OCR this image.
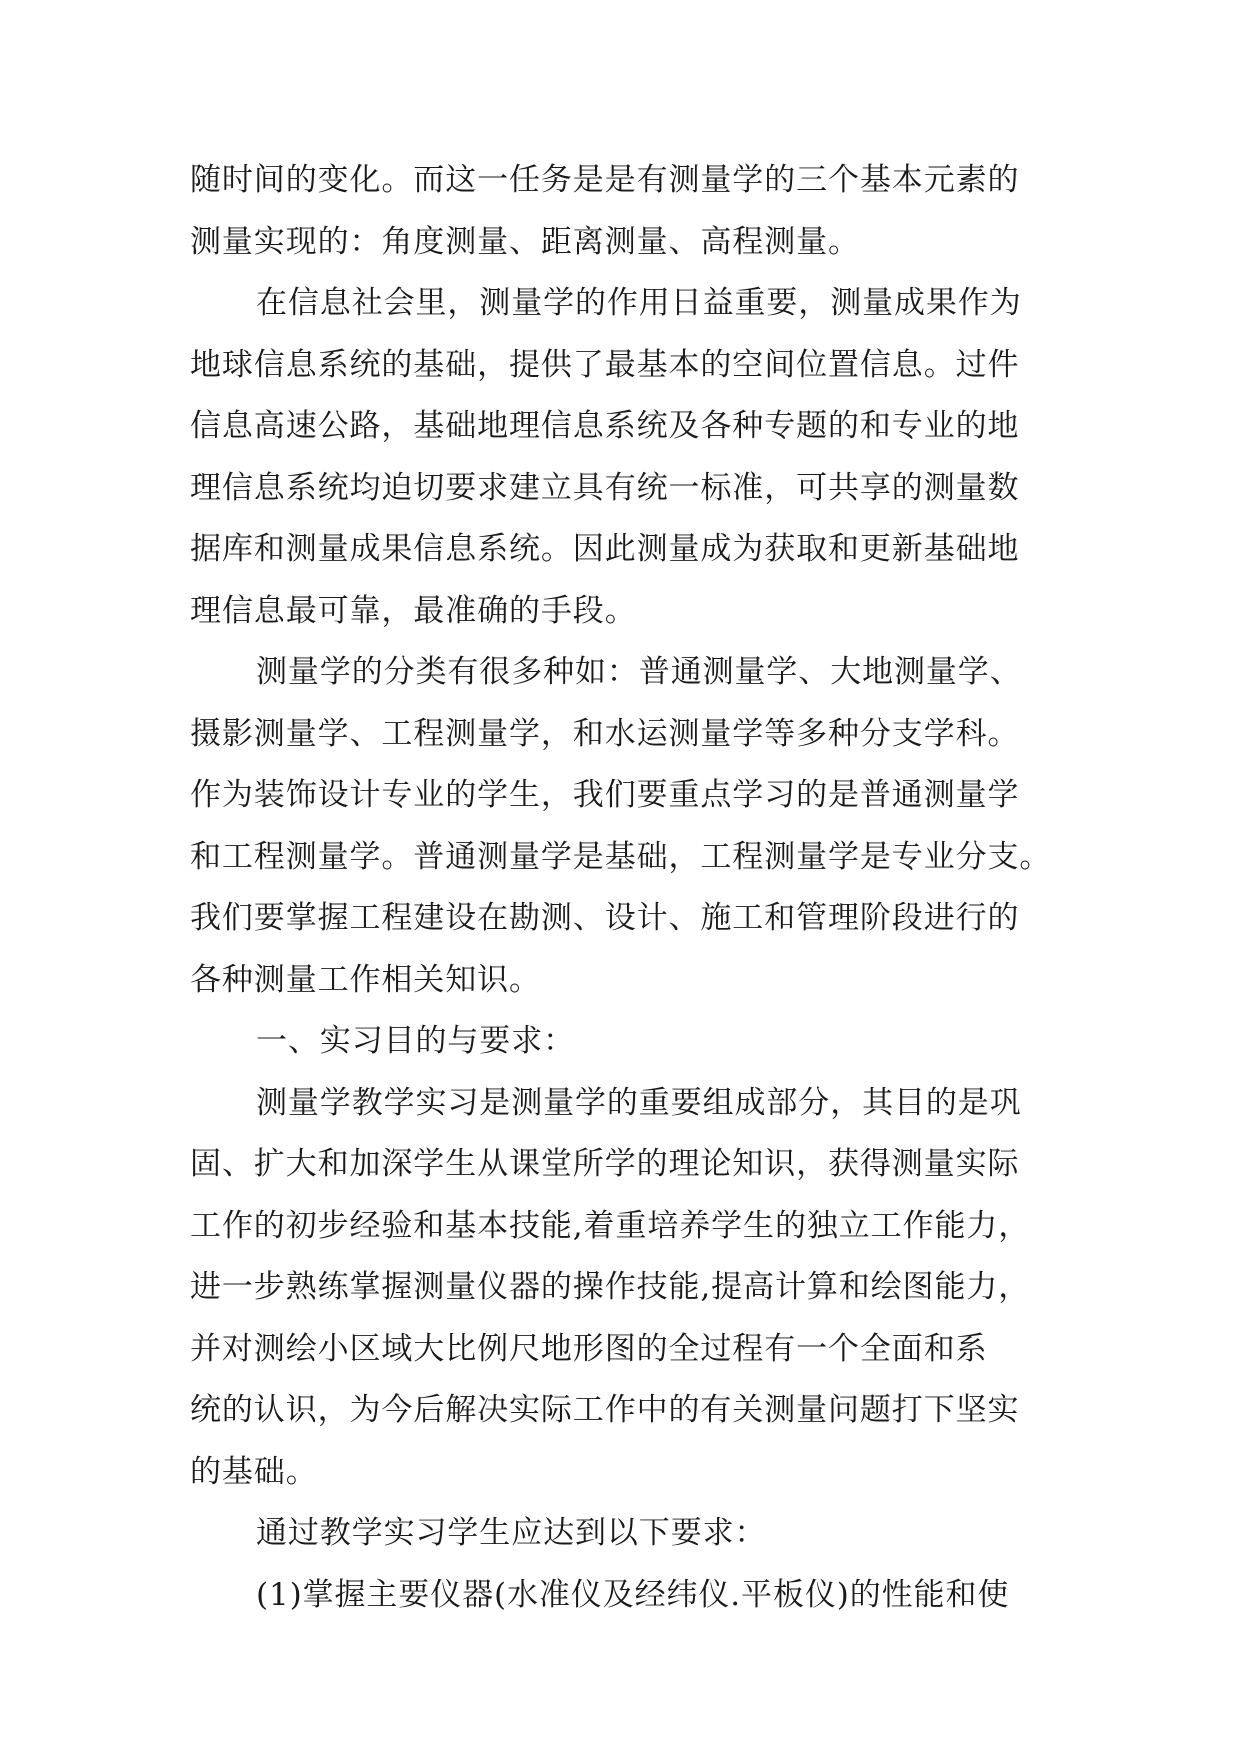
随时间的变化。而这一任务是是有测量学的三个基本元素的
测量实现的：角度测量、距离测量、高程测量。
在信息社会里，测量学的作用日益重要，测量成果作为
地球信息系统的基础，提供了最基本的空间位置信息。过件
信息高速公路，基础地理信息系统及各种专题的和专业的地
理信息系统均迫切要求建立具有统一标准，可共享的测量数
据库和测量成果信息系统。因此测量成为获取和更新基础地
理信息最可靠，最准确的手段。
测量学的分类有很多种如：普通测量学、大地测量学、
摄影测量学、工程测量学，和水运测量学等多种分支学科。
作为装饰设计专业的学生，我们要重点学习的是普通测量学
和工程测量学。普通测量学是基础，工程测量学是专业分支。
我们要掌握工程建设在勘测、设计、施工和管理阶段进行的
各种测量工作相关知识。
一、实习目的与要求：
测量学教学实习是测量学的重要组成部分，其目的是巩
固、扩大和加深学生从课堂所学的理论知识，获得测量实际
工作的初步经验和基本技能,着重培养学生的独立工作能力，
进一步熟练掌握测量仪器的操作技能,提高计算和绘图能力，
并对测绘小区域大比例尺地形图的全过程有一个全面和系
统的认识，为今后解决实际工作中的有关测量问题打下坚实
的基础。
通过教学实习学生应达到以下要求：
(1)掌握主要仪器(水准仪及经纬仪.平板仪)的性能和使
